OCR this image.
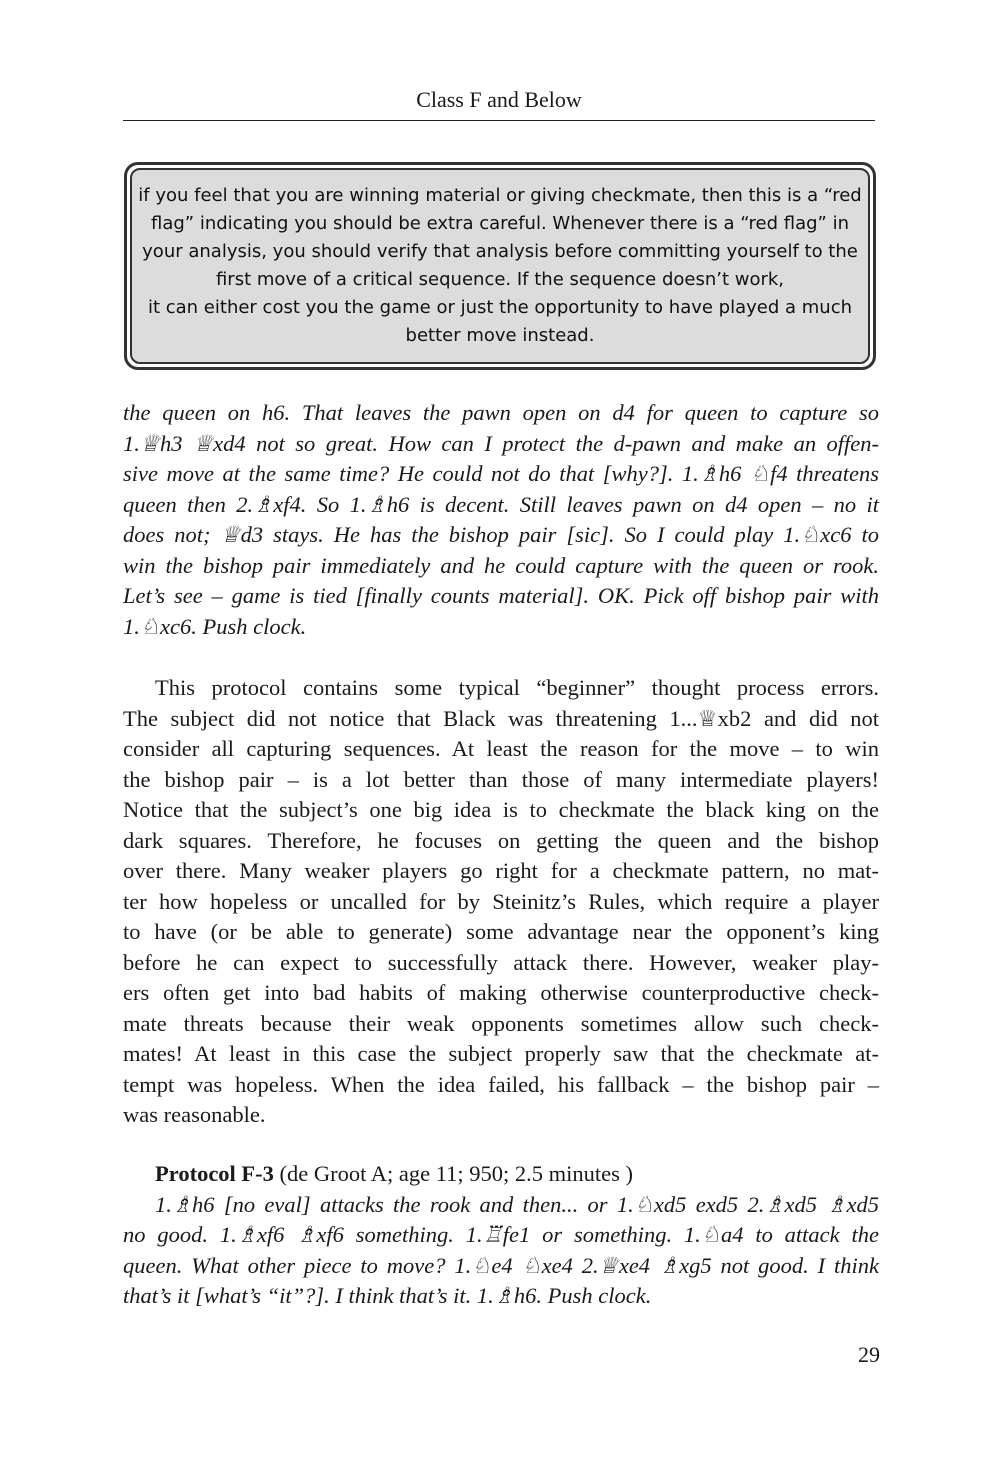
Class F and Below
if you feel that you are winning material or giving checkmate, then this is a “red
flag” indicating you should be extra careful. Whenever there is a “red flag” in
your analysis, you should verify that analysis before committing yourself to the
first move of a critical sequence. If the sequence doesn’t work,
it can either cost you the game or just the opportunity to have played a much
better move instead.
the queen on h6. That leaves the pawn open on d4 for queen to capture so
1.♕h3 ♕xd4 not so great. How can I protect the d-pawn and make an offen-
sive move at the same time? He could not do that [why?]. 1.♗h6 ♘f4 threatens
queen then 2.♗xf4. So 1.♗h6 is decent. Still leaves pawn on d4 open – no it
does not; ♕d3 stays. He has the bishop pair [sic]. So I could play 1.♘xc6 to
win the bishop pair immediately and he could capture with the queen or rook.
Let’s see – game is tied [finally counts material]. OK. Pick off bishop pair with
1.♘xc6. Push clock.
This protocol contains some typical “beginner” thought process errors.
The subject did not notice that Black was threatening 1...♕xb2 and did not
consider all capturing sequences. At least the reason for the move – to win
the bishop pair – is a lot better than those of many intermediate players!
Notice that the subject’s one big idea is to checkmate the black king on the
dark squares. Therefore, he focuses on getting the queen and the bishop
over there. Many weaker players go right for a checkmate pattern, no mat-
ter how hopeless or uncalled for by Steinitz’s Rules, which require a player
to have (or be able to generate) some advantage near the opponent’s king
before he can expect to successfully attack there. However, weaker play-
ers often get into bad habits of making otherwise counterproductive check-
mate threats because their weak opponents sometimes allow such check-
mates! At least in this case the subject properly saw that the checkmate at-
tempt was hopeless. When the idea failed, his fallback – the bishop pair –
was reasonable.
Protocol F-3 (de Groot A; age 11; 950; 2.5 minutes )
1.♗h6 [no eval] attacks the rook and then... or 1.♘xd5 exd5 2.♗xd5 ♗xd5
no good. 1.♗xf6 ♗xf6 something. 1.♖fe1 or something. 1.♘a4 to attack the
queen. What other piece to move? 1.♘e4 ♘xe4 2.♕xe4 ♗xg5 not good. I think
that’s it [what’s “it”?]. I think that’s it. 1.♗h6. Push clock.
29
